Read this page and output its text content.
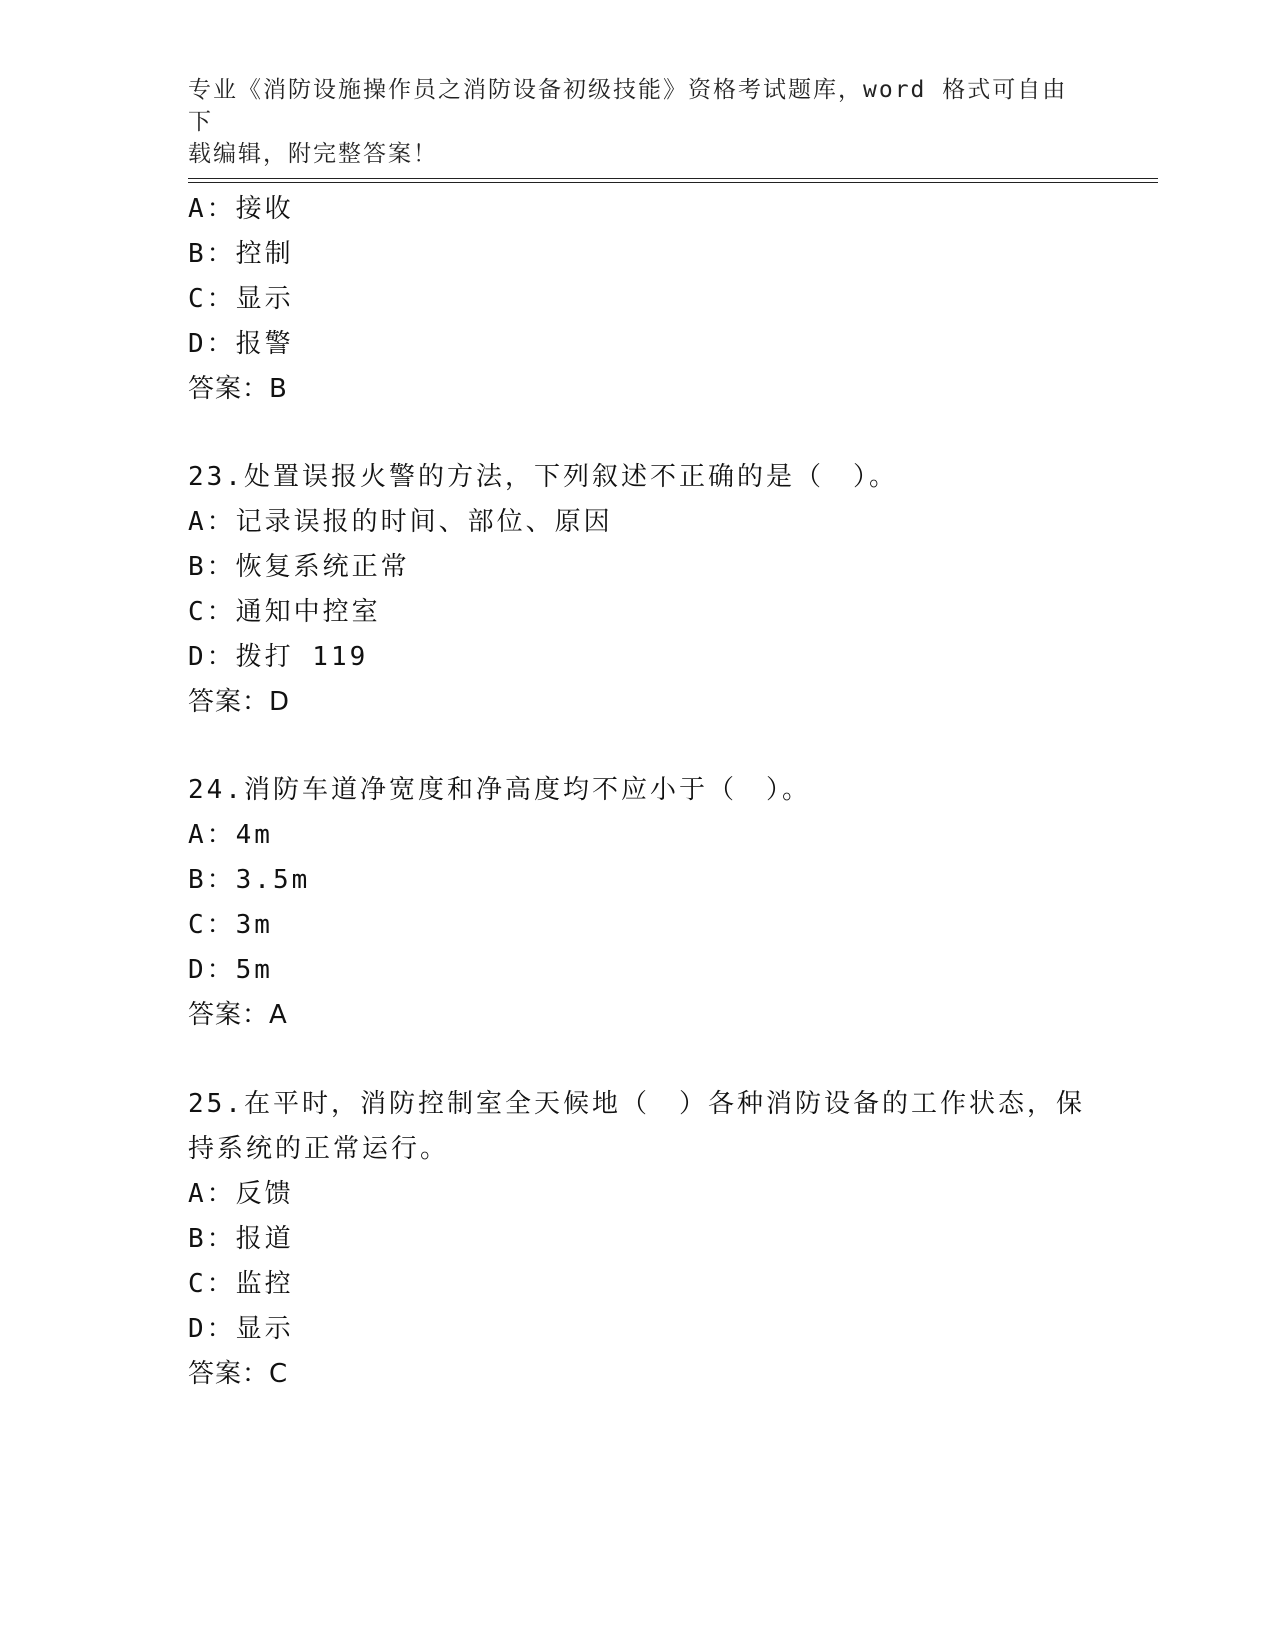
专业《消防设施操作员之消防设备初级技能》资格考试题库，word 格式可自由下
载编辑，附完整答案！
A：接收
B：控制
C：显示
D：报警
答案：B
23.处置误报火警的方法，下列叙述不正确的是（　）。
A：记录误报的时间、部位、原因
B：恢复系统正常
C：通知中控室
D：拨打 119
答案：D
24.消防车道净宽度和净高度均不应小于（　）。
A：4m
B：3.5m
C：3m
D：5m
答案：A
25.在平时，消防控制室全天候地（　）各种消防设备的工作状态，保
持系统的正常运行。
A：反馈
B：报道
C：监控
D：显示
答案：C
